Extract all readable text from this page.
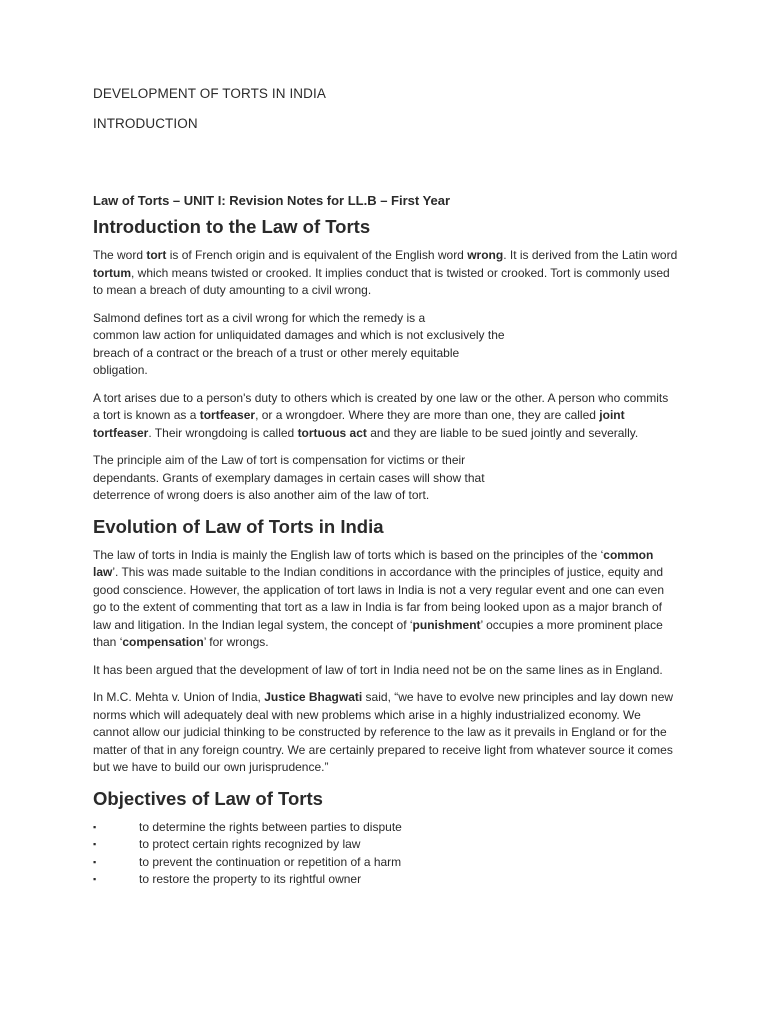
DEVELOPMENT OF TORTS IN INDIA
INTRODUCTION
Law of Torts – UNIT I: Revision Notes for LL.B – First Year
Introduction to the Law of Torts

The word tort is of French origin and is equivalent of the English word wrong. It is derived from the Latin word tortum, which means twisted or crooked. It implies conduct that is twisted or crooked. Tort is commonly used to mean a breach of duty amounting to a civil wrong.

Salmond defines tort as a civil wrong for which the remedy is a
common law action for unliquidated damages and which is not exclusively the
breach of a contract or the breach of a trust or other merely equitable
obligation.

A tort arises due to a person's duty to others which is created by one law or the other. A person who commits a tort is known as a tortfeaser, or a wrongdoer. Where they are more than one, they are called joint tortfeaser. Their wrongdoing is called tortuous act and they are liable to be sued jointly and severally.

The principle aim of the Law of tort is compensation for victims or their
dependants. Grants of exemplary damages in certain cases will show that
deterrence of wrong doers is also another aim of the law of tort.

Evolution of Law of Torts in India

The law of torts in India is mainly the English law of torts which is based on the principles of the ‘common law’. This was made suitable to the Indian conditions in accordance with the principles of justice, equity and good conscience. However, the application of tort laws in India is not a very regular event and one can even go to the extent of commenting that tort as a law in India is far from being looked upon as a major branch of law and litigation. In the Indian legal system, the concept of ‘punishment’ occupies a more prominent place than ‘compensation’ for wrongs.

It has been argued that the development of law of tort in India need not be on the same lines as in England.

In M.C. Mehta v. Union of India, Justice Bhagwati said, “we have to evolve new principles and lay down new norms which will adequately deal with new problems which arise in a highly industrialized economy. We cannot allow our judicial thinking to be constructed by reference to the law as it prevails in England or for the matter of that in any foreign country. We are certainly prepared to receive light from whatever source it comes but we have to build our own jurisprudence.”

Objectives of Law of Torts
▪	to determine the rights between parties to dispute
▪	to protect certain rights recognized by law
▪	to prevent the continuation or repetition of a harm
▪	to restore the property to its rightful owner
